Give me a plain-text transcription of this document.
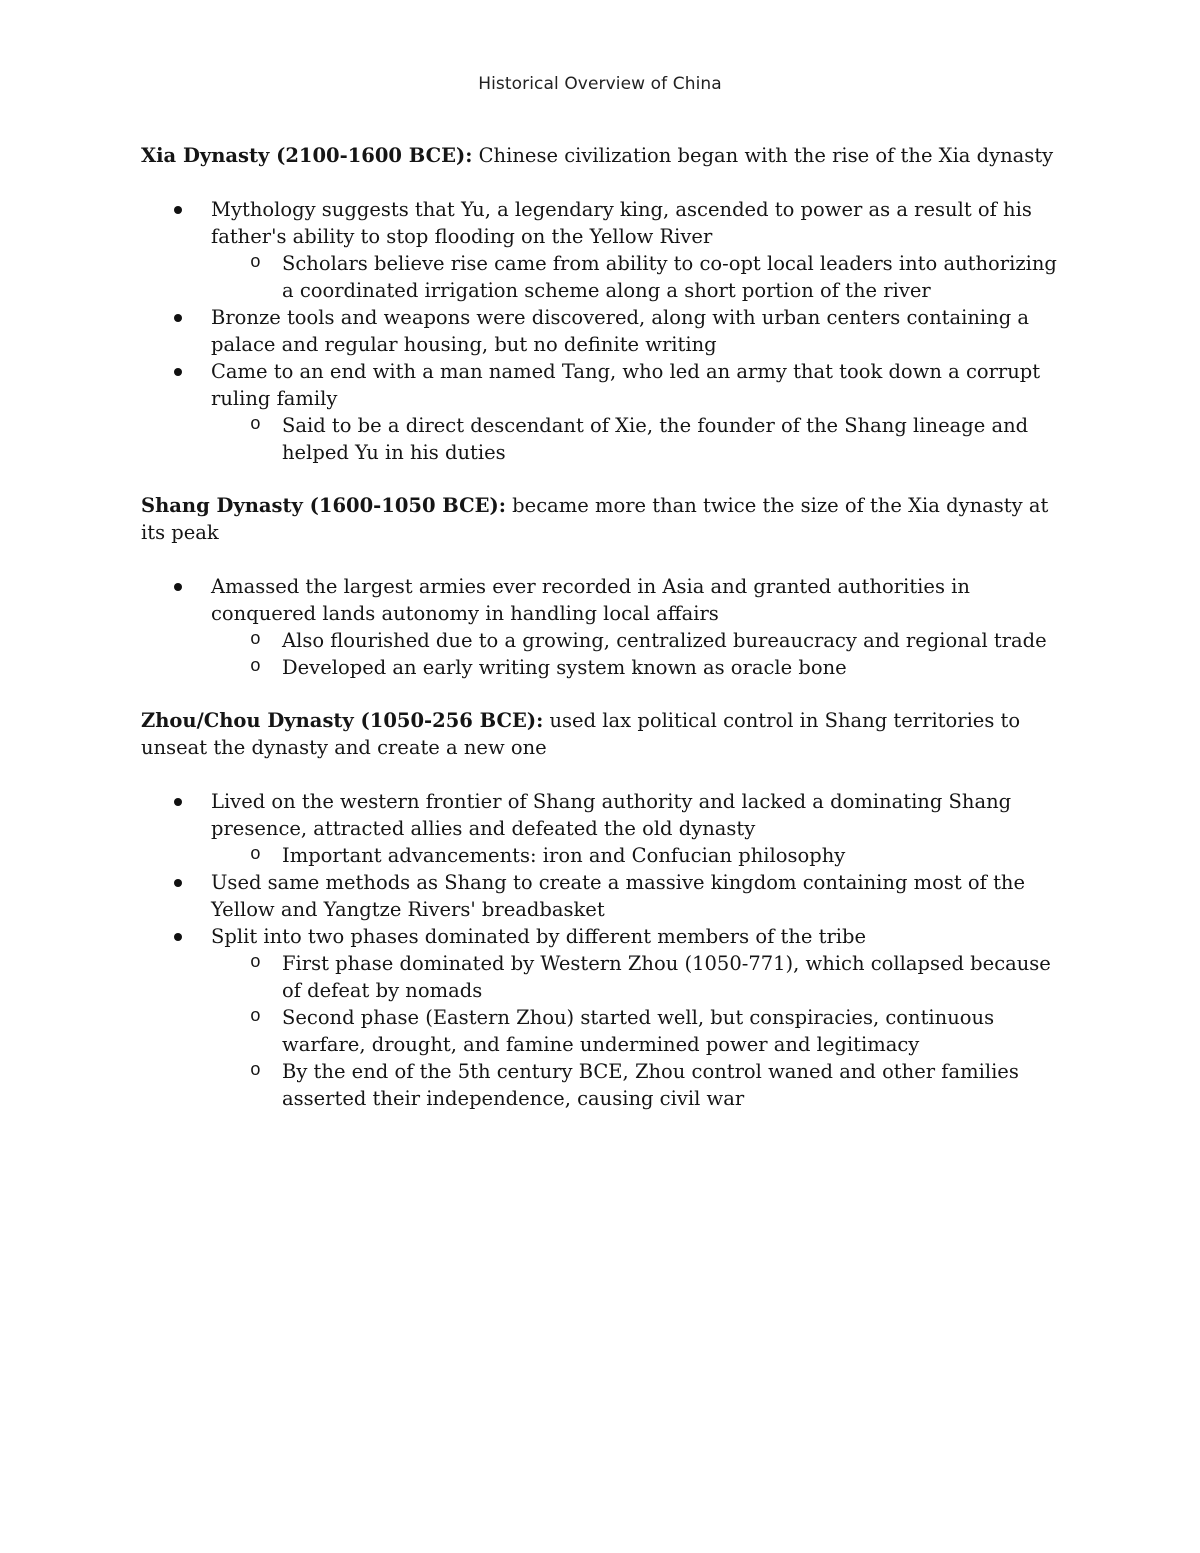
Historical Overview of China

Xia Dynasty (2100-1600 BCE): Chinese civilization began with the rise of the Xia dynasty

Mythology suggests that Yu, a legendary king, ascended to power as a result of his father's ability to stop flooding on the Yellow River
o Scholars believe rise came from ability to co-opt local leaders into authorizing a coordinated irrigation scheme along a short portion of the river
Bronze tools and weapons were discovered, along with urban centers containing a palace and regular housing, but no definite writing
Came to an end with a man named Tang, who led an army that took down a corrupt ruling family
o Said to be a direct descendant of Xie, the founder of the Shang lineage and helped Yu in his duties

Shang Dynasty (1600-1050 BCE): became more than twice the size of the Xia dynasty at its peak

Amassed the largest armies ever recorded in Asia and granted authorities in conquered lands autonomy in handling local affairs
o Also flourished due to a growing, centralized bureaucracy and regional trade
o Developed an early writing system known as oracle bone

Zhou/Chou Dynasty (1050-256 BCE): used lax political control in Shang territories to unseat the dynasty and create a new one

Lived on the western frontier of Shang authority and lacked a dominating Shang presence, attracted allies and defeated the old dynasty
o Important advancements: iron and Confucian philosophy
Used same methods as Shang to create a massive kingdom containing most of the Yellow and Yangtze Rivers' breadbasket
Split into two phases dominated by different members of the tribe
o First phase dominated by Western Zhou (1050-771), which collapsed because of defeat by nomads
o Second phase (Eastern Zhou) started well, but conspiracies, continuous warfare, drought, and famine undermined power and legitimacy
o By the end of the 5th century BCE, Zhou control waned and other families asserted their independence, causing civil war
